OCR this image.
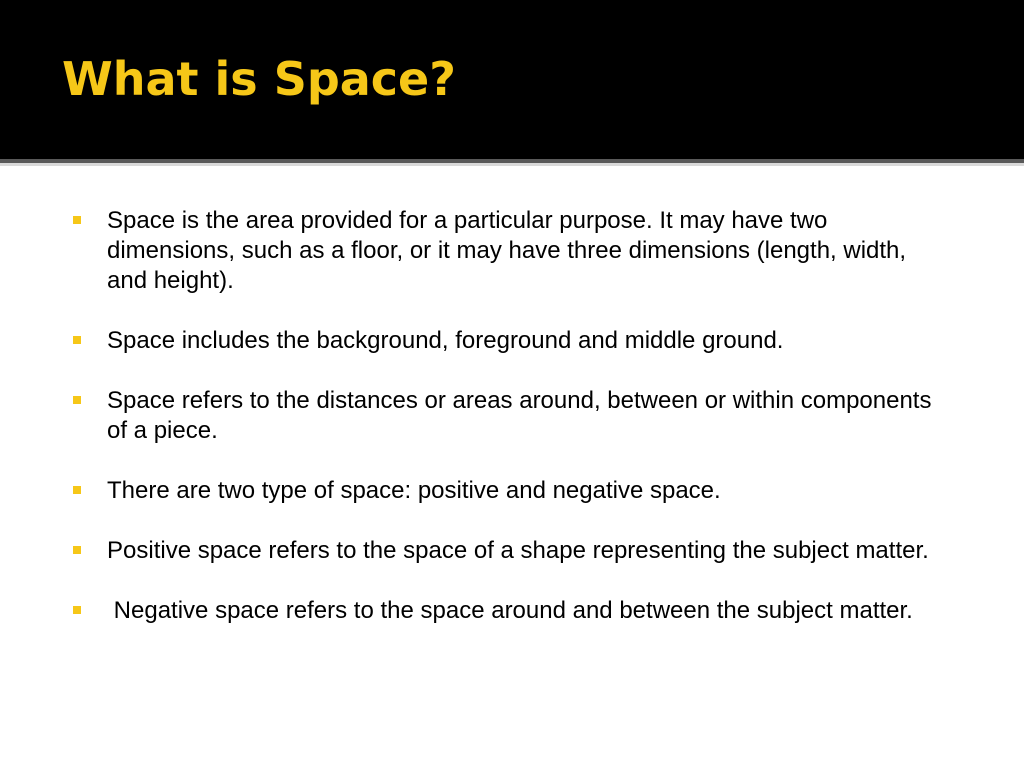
What is Space?
Space is the area provided for a particular purpose. It may have two dimensions, such as a floor, or it may have three dimensions (length, width, and height).
Space includes the background, foreground and middle ground.
Space refers to the distances or areas around, between or within components of a piece.
There are two type of space: positive and negative space.
Positive space refers to the space of a shape representing the subject matter.
Negative space refers to the space around and between the subject matter.
